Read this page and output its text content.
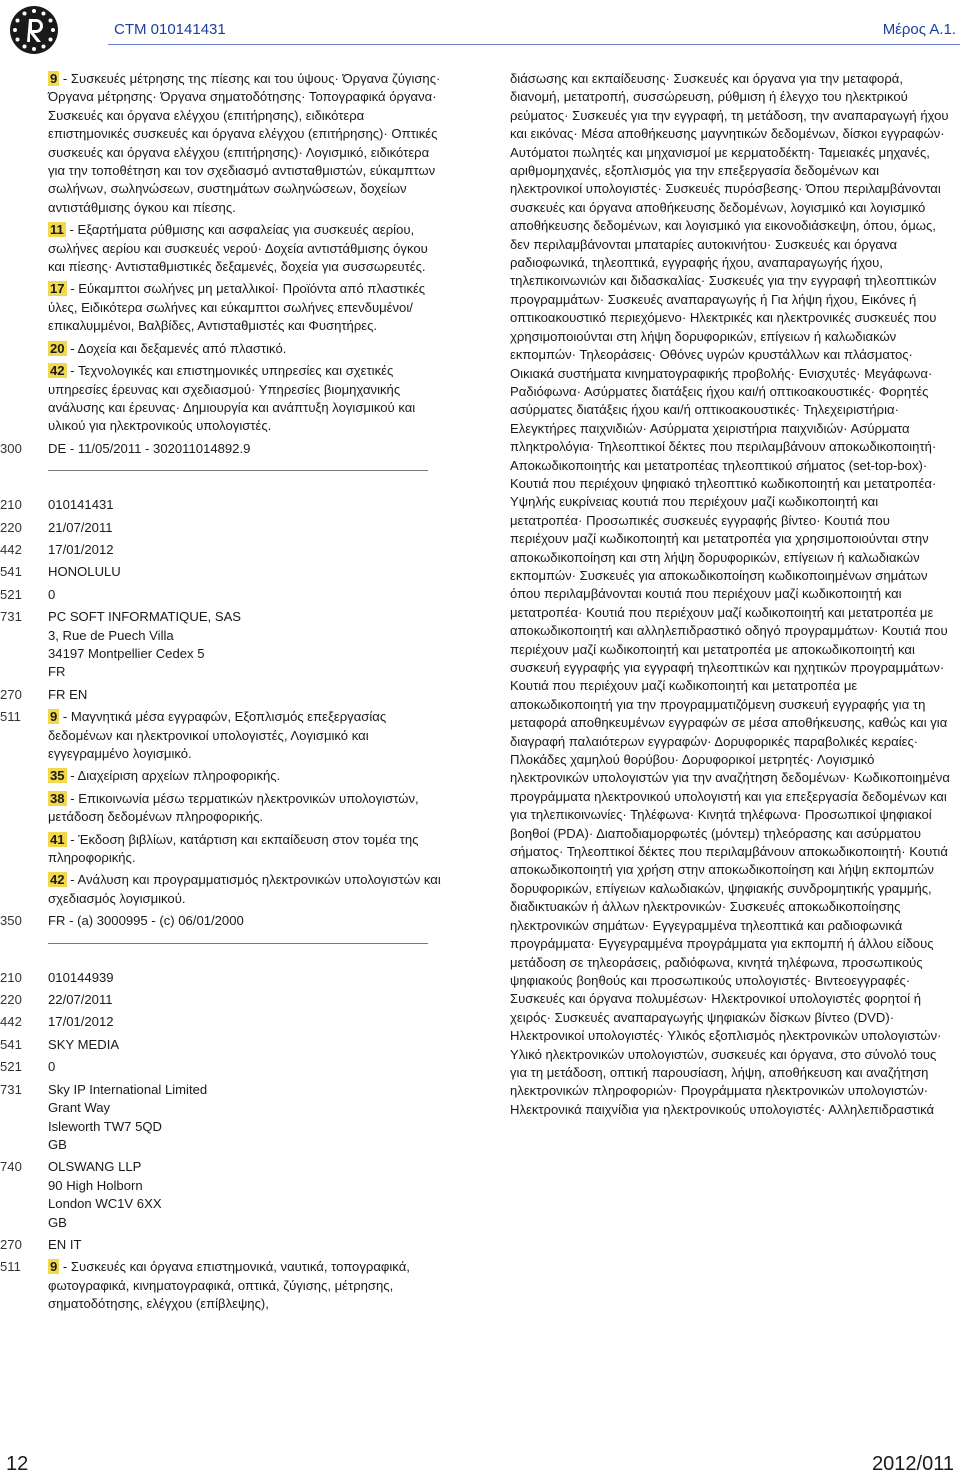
CTM 010141431	Μέρος Α.1.

9 - Συσκευές μέτρησης της πίεσης και του ύψους· Όργανα ζύγισης· Όργανα μέτρησης· Όργανα σηματοδότησης· Τοπογραφικά όργανα· Συσκευές και όργανα ελέγχου (επιτήρησης), ειδικότερα επιστημονικές συσκευές και όργανα ελέγχου (επιτήρησης)· Οπτικές συσκευές και όργανα ελέγχου (επιτήρησης)· Λογισμικό, ειδικότερα για την τοποθέτηση και τον σχεδιασμό αντισταθμιστών, εύκαμπτων σωλήνων, σωληνώσεων, συστημάτων σωληνώσεων, δοχείων αντιστάθμισης όγκου και πίεσης.

11 - Εξαρτήματα ρύθμισης και ασφαλείας για συσκευές αερίου, σωλήνες αερίου και συσκευές νερού· Δοχεία αντιστάθμισης όγκου και πίεσης· Αντισταθμιστικές δεξαμενές, δοχεία για συσσωρευτές.

17 - Εύκαμπτοι σωλήνες μη μεταλλικοί· Προϊόντα από πλαστικές ύλες, Ειδικότερα σωλήνες και εύκαμπτοι σωλήνες επενδυμένοι/επικαλυμμένοι, Βαλβίδες, Αντισταθμιστές και Φυσητήρες.

20 - Δοχεία και δεξαμενές από πλαστικό.

42 - Τεχνολογικές και επιστημονικές υπηρεσίες και σχετικές υπηρεσίες έρευνας και σχεδιασμού· Υπηρεσίες βιομηχανικής ανάλυσης και έρευνας· Δημιουργία και ανάπτυξη λογισμικού και υλικού για ηλεκτρονικούς υπολογιστές.

300	DE - 11/05/2011 - 302011014892.9
210	010141431
220	21/07/2011
442	17/01/2012
541	HONOLULU
521	0
731	PC SOFT INFORMATIQUE, SAS
3, Rue de Puech Villa
34197 Montpellier Cedex 5
FR
270	FR EN
511	9 - Μαγνητικά μέσα εγγραφών, Εξοπλισμός επεξεργασίας δεδομένων και ηλεκτρονικοί υπολογιστές, Λογισμικό και εγγεγραμμένο λογισμικό.

35 - Διαχείριση αρχείων πληροφορικής.

38 - Επικοινωνία μέσω τερματικών ηλεκτρονικών υπολογιστών, μετάδοση δεδομένων πληροφορικής.

41 - Έκδοση βιβλίων, κατάρτιση και εκπαίδευση στον τομέα της πληροφορικής.

42 - Ανάλυση και προγραμματισμός ηλεκτρονικών υπολογιστών και σχεδιασμός λογισμικού.

350	FR - (a) 3000995 - (c) 06/01/2000
210	010144939
220	22/07/2011
442	17/01/2012
541	SKY MEDIA
521	0
731	Sky IP International Limited
Grant Way
Isleworth TW7 5QD
GB
740	OLSWANG LLP
90 High Holborn
London WC1V 6XX
GB
270	EN IT
511	9 - Συσκευές και όργανα επιστημονικά, ναυτικά, τοπογραφικά, φωτογραφικά, κινηματογραφικά, οπτικά, ζύγισης, μέτρησης, σηματοδότησης, ελέγχου (επίβλεψης),

διάσωσης και εκπαίδευσης· Συσκευές και όργανα για την μεταφορά, διανομή, μετατροπή, συσσώρευση, ρύθμιση ή έλεγχο του ηλεκτρικού ρεύματος· Συσκευές για την εγγραφή, τη μετάδοση, την αναπαραγωγή ήχου και εικόνας· Μέσα αποθήκευσης μαγνητικών δεδομένων, δίσκοι εγγραφών· Αυτόματοι πωλητές και μηχανισμοί με κερματοδέκτη· Ταμειακές μηχανές, αριθμομηχανές, εξοπλισμός για την επεξεργασία δεδομένων και ηλεκτρονικοί υπολογιστές· Συσκευές πυρόσβεσης· Όπου περιλαμβάνονται συσκευές και όργανα αποθήκευσης δεδομένων, λογισμικό και λογισμικό αποθήκευσης δεδομένων, και λογισμικό για εικονοδιάσκεψη, όπου, όμως, δεν περιλαμβάνονται μπαταρίες αυτοκινήτου· Συσκευές και όργανα ραδιοφωνικά, τηλεοπτικά, εγγραφής ήχου, αναπαραγωγής ήχου, τηλεπικοινωνιών και διδασκαλίας· Συσκευές για την εγγραφή τηλεοπτικών προγραμμάτων· Συσκευές αναπαραγωγής ή Για λήψη ήχου, Εικόνες ή οπτικοακουστικό περιεχόμενο· Ηλεκτρικές και ηλεκτρονικές συσκευές που χρησιμοποιούνται στη λήψη δορυφορικών, επίγειων ή καλωδιακών εκπομπών· Τηλεοράσεις· Οθόνες υγρών κρυστάλλων και πλάσματος· Οικιακά συστήματα κινηματογραφικής προβολής· Ενισχυτές· Μεγάφωνα· Ραδιόφωνα· Ασύρματες διατάξεις ήχου και/ή οπτικοακουστικές· Φορητές ασύρματες διατάξεις ήχου και/ή οπτικοακουστικές· Τηλεχειριστήρια· Ελεγκτήρες παιχνιδιών· Ασύρματα χειριστήρια παιχνιδιών· Ασύρματα πληκτρολόγια· Τηλεοπτικοί δέκτες που περιλαμβάνουν αποκωδικοποιητή· Αποκωδικοποιητής και μετατροπέας τηλεοπτικού σήματος (set-top-box)· Κουτιά που περιέχουν ψηφιακό τηλεοπτικό κωδικοποιητή και μετατροπέα· Υψηλής ευκρίνειας κουτιά που περιέχουν μαζί κωδικοποιητή και μετατροπέα· Προσωπικές συσκευές εγγραφής βίντεο· Κουτιά που περιέχουν μαζί κωδικοποιητή και μετατροπέα για χρησιμοποιούνται στην αποκωδικοποίηση και στη λήψη δορυφορικών, επίγειων ή καλωδιακών εκπομπών· Συσκευές για αποκωδικοποίηση κωδικοποιημένων σημάτων όπου περιλαμβάνονται κουτιά που περιέχουν μαζί κωδικοποιητή και μετατροπέα· Κουτιά που περιέχουν μαζί κωδικοποιητή και μετατροπέα με αποκωδικοποιητή και αλληλεπιδραστικό οδηγό προγραμμάτων· Κουτιά που περιέχουν μαζί κωδικοποιητή και μετατροπέα με αποκωδικοποιητή και συσκευή εγγραφής για εγγραφή τηλεοπτικών και ηχητικών προγραμμάτων· Κουτιά που περιέχουν μαζί κωδικοποιητή και μετατροπέα με αποκωδικοποιητή για την προγραμματιζόμενη συσκευή εγγραφής για τη μεταφορά αποθηκευμένων εγγραφών σε μέσα αποθήκευσης, καθώς και για διαγραφή παλαιότερων εγγραφών· Δορυφορικές παραβολικές κεραίες· Πλοκάδες χαμηλού θορύβου· Δορυφορικοί μετρητές· Λογισμικό ηλεκτρονικών υπολογιστών για την αναζήτηση δεδομένων· Κωδικοποιημένα προγράμματα ηλεκτρονικού υπολογιστή και για επεξεργασία δεδομένων και για τηλεπικοινωνίες· Τηλέφωνα· Κινητά τηλέφωνα· Προσωπικοί ψηφιακοί βοηθοί (PDA)· Διαποδιαμορφωτές (μόντεμ) τηλεόρασης και ασύρματου σήματος· Τηλεοπτικοί δέκτες που περιλαμβάνουν αποκωδικοποιητή· Κουτιά αποκωδικοποιητή για χρήση στην αποκωδικοποίηση και λήψη εκπομπών δορυφορικών, επίγειων καλωδιακών, ψηφιακής συνδρομητικής γραμμής, διαδικτυακών ή άλλων ηλεκτρονικών· Συσκευές αποκωδικοποίησης ηλεκτρονικών σημάτων· Εγγεγραμμένα τηλεοπτικά και ραδιοφωνικά προγράμματα· Εγγεγραμμένα προγράμματα για εκπομπή ή άλλου είδους μετάδοση σε τηλεοράσεις, ραδιόφωνα, κινητά τηλέφωνα, προσωπικούς ψηφιακούς βοηθούς και προσωπικούς υπολογιστές· Βιντεοεγγραφές· Συσκευές και όργανα πολυμέσων· Ηλεκτρονικοί υπολογιστές φορητοί ή χειρός· Συσκευές αναπαραγωγής ψηφιακών δίσκων βίντεο (DVD)· Ηλεκτρονικοί υπολογιστές· Υλικός εξοπλισμός ηλεκτρονικών υπολογιστών· Υλικό ηλεκτρονικών υπολογιστών, συσκευές και όργανα, στο σύνολό τους για τη μετάδοση, οπτική παρουσίαση, λήψη, αποθήκευση και αναζήτηση ηλεκτρονικών πληροφοριών· Προγράμματα ηλεκτρονικών υπολογιστών· Ηλεκτρονικά παιχνίδια για ηλεκτρονικούς υπολογιστές· Αλληλεπιδραστικά
12	2012/011
